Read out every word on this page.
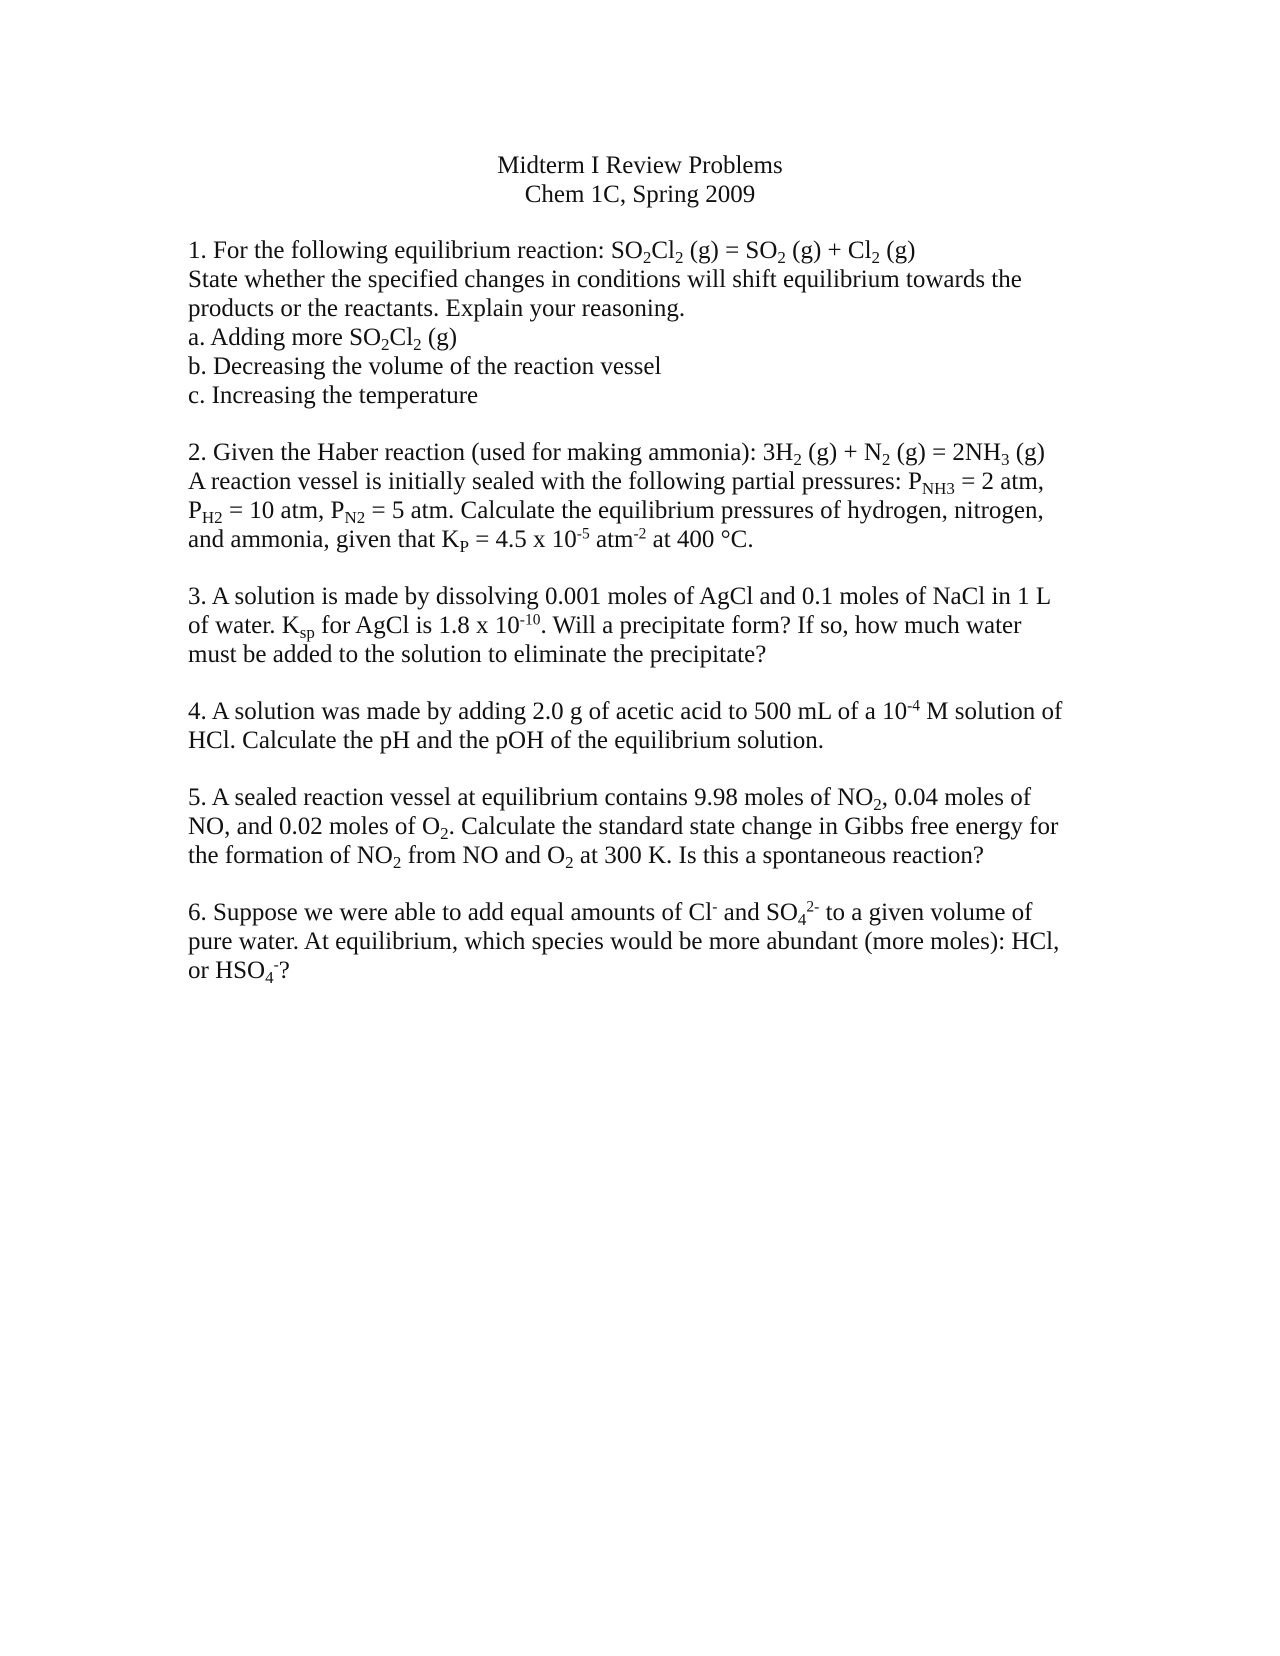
Midterm I Review Problems
Chem 1C, Spring 2009
1. For the following equilibrium reaction: $SO_2Cl_2$ $(g) = SO_2$ $(g) + Cl_2$ (g)
State whether the specified changes in conditions will shift equilibrium towards the
products or the reactants. Explain your reasoning.
a. Adding more $SO_2Cl_2$ (g)
b. Decreasing the volume of the reaction vessel
c. Increasing the temperature
2. Given the Haber reaction (used for making ammonia): $3H_2$ $(g) + N_2$ $(g) = 2NH_3$ (g)
A reaction vessel is initially sealed with the following partial pressures: $P_{NH3} = 2$ atm,
$P_{H2} = 10$ atm, $P_{N2} = 5$ atm. Calculate the equilibrium pressures of hydrogen, nitrogen,
and ammonia, given that $K_P = 4.5$ x $10^{-5}$ atm$^{-2}$ at 400 °C.
3. A solution is made by dissolving 0.001 moles of AgCl and 0.1 moles of NaCl in 1 L
of water. $K_{sp}$ for AgCl is 1.8 x $10^{-10}$. Will a precipitate form? If so, how much water
must be added to the solution to eliminate the precipitate?
4. A solution was made by adding 2.0 g of acetic acid to 500 mL of a $10^{-4}$ M solution of
HCl. Calculate the pH and the pOH of the equilibrium solution.
5. A sealed reaction vessel at equilibrium contains 9.98 moles of $NO_2$, 0.04 moles of
NO, and 0.02 moles of $O_2$. Calculate the standard state change in Gibbs free energy for
the formation of $NO_2$ from NO and $O_2$ at 300 K. Is this a spontaneous reaction?
6. Suppose we were able to add equal amounts of Cl- and $SO_4^{2-}$ to a given volume of
pure water. At equilibrium, which species would be more abundant (more moles): HCl,
or $HSO_4^-$?
